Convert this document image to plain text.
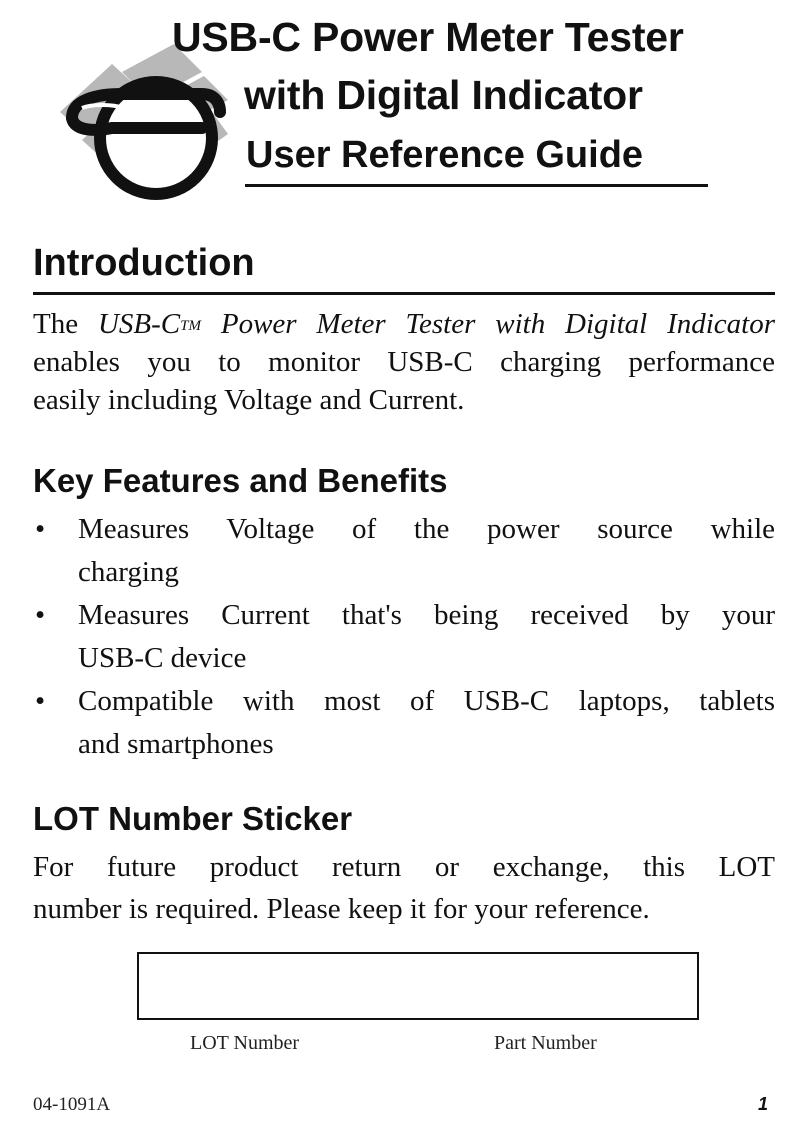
USB-C Power Meter Tester
with Digital Indicator
User Reference Guide
Introduction
The USB-C™ Power Meter Tester with Digital Indicator
enables you to monitor USB-C charging performance
easily including Voltage and Current.
Key Features and Benefits
• Measures Voltage of the power source while
charging
• Measures Current that's being received by your
USB-C device
• Compatible with most of USB-C laptops, tablets
and smartphones
LOT Number Sticker
For future product return or exchange, this LOT
number is required. Please keep it for your reference.
LOT Number	Part Number
04-1091A	1
